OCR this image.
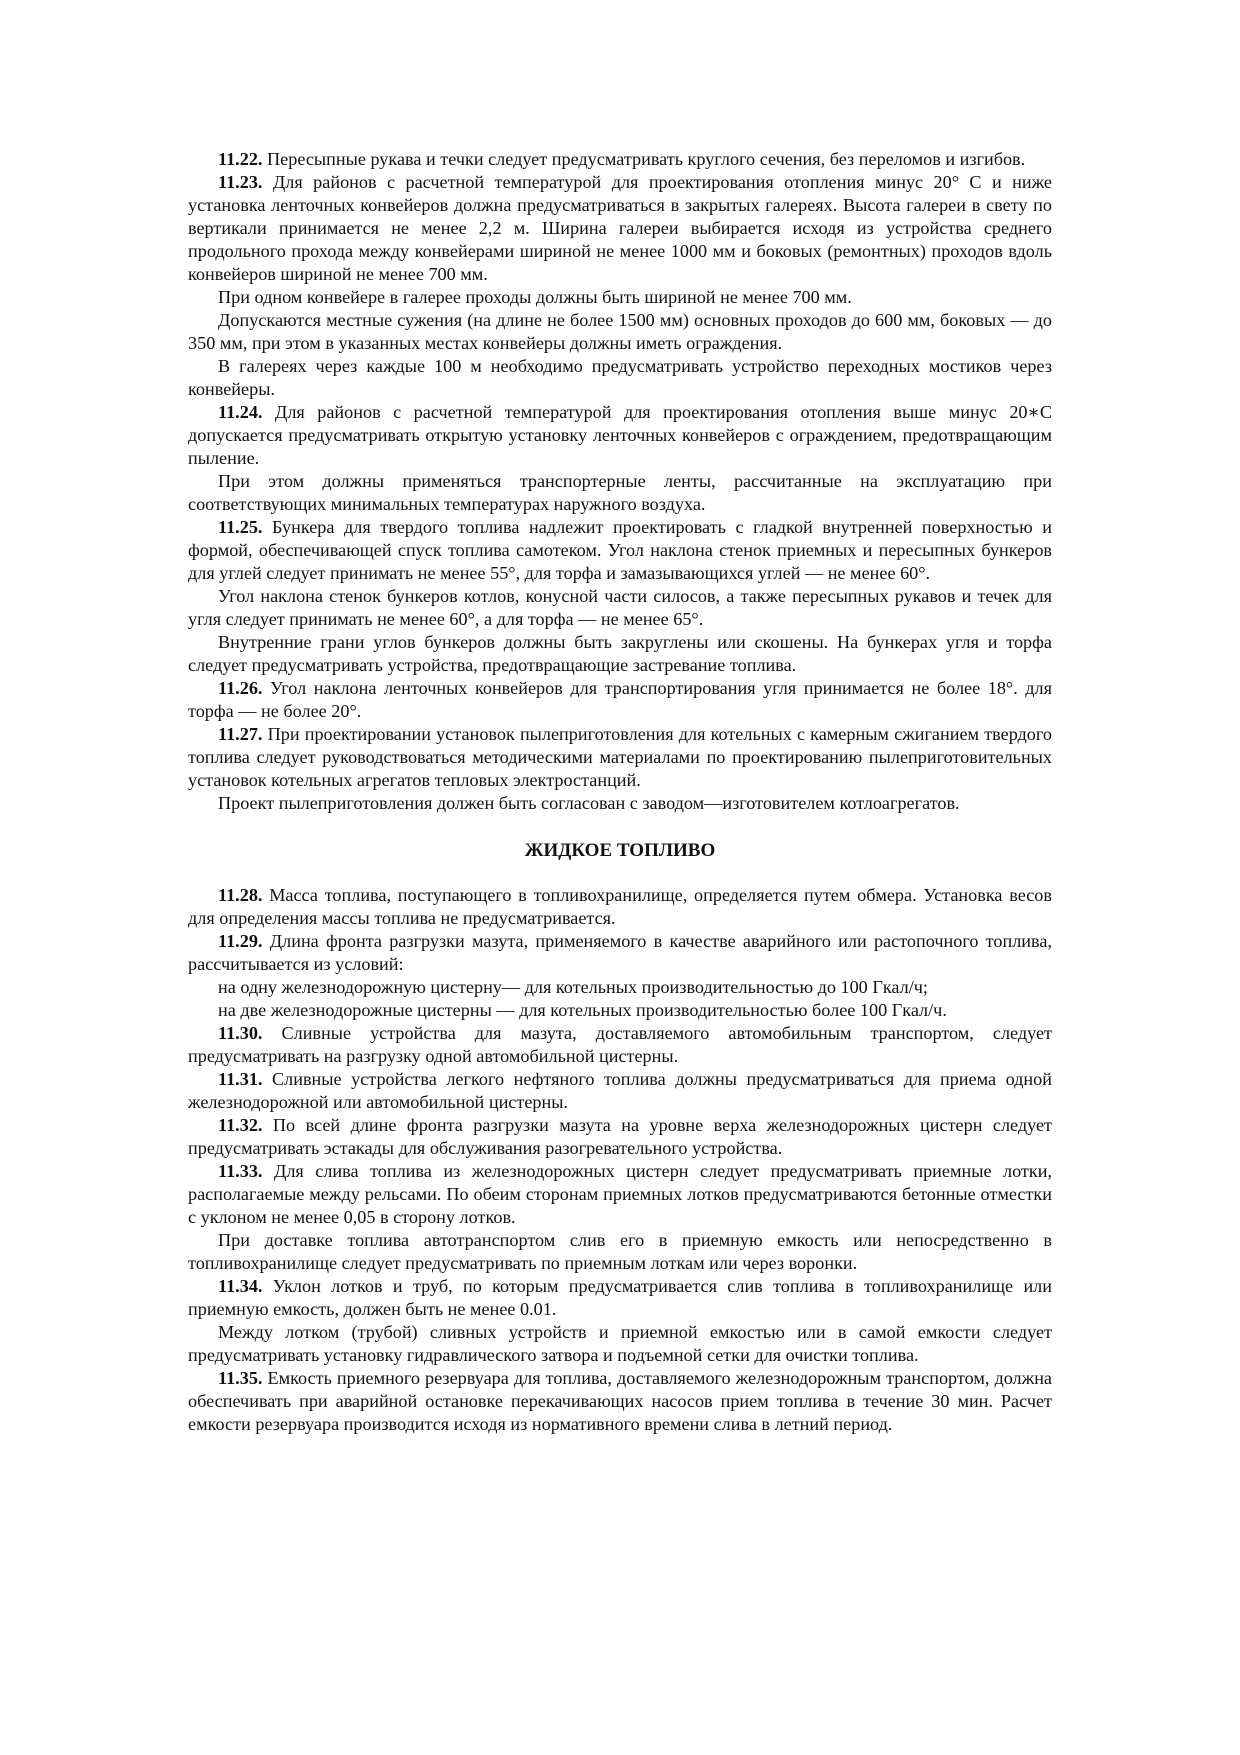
11.22. Пересыпные рукава и течки следует предусматривать круглого сечения, без переломов и изгибов.

11.23. Для районов с расчетной температурой для проектирования отопления минус 20° С и ниже установка ленточных конвейеров должна предусматриваться в закрытых галереях. Высота галереи в свету по вертикали принимается не менее 2,2 м. Ширина галереи выбирается исходя из устройства среднего продольного прохода между конвейерами шириной не менее 1000 мм и боковых (ремонтных) проходов вдоль конвейеров шириной не менее 700 мм.

При одном конвейере в галерее проходы должны быть шириной не менее 700 мм.

Допускаются местные сужения (на длине не более 1500 мм) основных проходов до 600 мм, боковых — до 350 мм, при этом в указанных местах конвейеры должны иметь ограждения.

В галереях через каждые 100 м необходимо предусматривать устройство переходных мостиков через конвейеры.

11.24. Для районов с расчетной температурой для проектирования отопления выше минус 20∗С допускается предусматривать открытую установку ленточных конвейеров с ограждением, предотвращающим пыление.

При этом должны применяться транспортерные ленты, рассчитанные на эксплуатацию при соответствующих минимальных температурах наружного воздуха.

11.25. Бункера для твердого топлива надлежит проектировать с гладкой внутренней поверхностью и формой, обеспечивающей спуск топлива самотеком. Угол наклона стенок приемных и пересыпных бункеров для углей следует принимать не менее 55°, для торфа и замазывающихся углей — не менее 60°.

Угол наклона стенок бункеров котлов, конусной части силосов, а также пересыпных рукавов и течек для угля следует принимать не менее 60°, а для торфа — не менее 65°.

Внутренние грани углов бункеров должны быть закруглены или скошены. На бункерах угля и торфа следует предусматривать устройства, предотвращающие застревание топлива.

11.26. Угол наклона ленточных конвейеров для транспортирования угля принимается не более 18°. для торфа — не более 20°.

11.27. При проектировании установок пылеприготовления для котельных с камерным сжиганием твердого топлива следует руководствоваться методическими материалами по проектированию пылеприготовительных установок котельных агрегатов тепловых электростанций.

Проект пылеприготовления должен быть согласован с заводом—изготовителем котлоагрегатов.

ЖИДКОЕ ТОПЛИВО

11.28. Масса топлива, поступающего в топливохранилище, определяется путем обмера. Установка весов для определения массы топлива не предусматривается.

11.29. Длина фронта разгрузки мазута, применяемого в качестве аварийного или растопочного топлива, рассчитывается из условий:

на одну железнодорожную цистерну— для котельных производительностью до 100 Гкал/ч;

на две железнодорожные цистерны — для котельных производительностью более 100 Гкал/ч.

11.30. Сливные устройства для мазута, доставляемого автомобильным транспортом, следует предусматривать на разгрузку одной автомобильной цистерны.

11.31. Сливные устройства легкого нефтяного топлива должны предусматриваться для приема одной железнодорожной или автомобильной цистерны.

11.32. По всей длине фронта разгрузки мазута на уровне верха железнодорожных цистерн следует предусматривать эстакады для обслуживания разогревательного устройства.

11.33. Для слива топлива из железнодорожных цистерн следует предусматривать приемные лотки, располагаемые между рельсами. По обеим сторонам приемных лотков предусматриваются бетонные отместки с уклоном не менее 0,05 в сторону лотков.

При доставке топлива автотранспортом слив его в приемную емкость или непосредственно в топливохранилище следует предусматривать по приемным лоткам или через воронки.

11.34. Уклон лотков и труб, по которым предусматривается слив топлива в топливохранилище или приемную емкость, должен быть не менее 0.01.

Между лотком (трубой) сливных устройств и приемной емкостью или в самой емкости следует предусматривать установку гидравлического затвора и подъемной сетки для очистки топлива.

11.35. Емкость приемного резервуара для топлива, доставляемого железнодорожным транспортом, должна обеспечивать при аварийной остановке перекачивающих насосов прием топлива в течение 30 мин. Расчет емкости резервуара производится исходя из нормативного времени слива в летний период.
